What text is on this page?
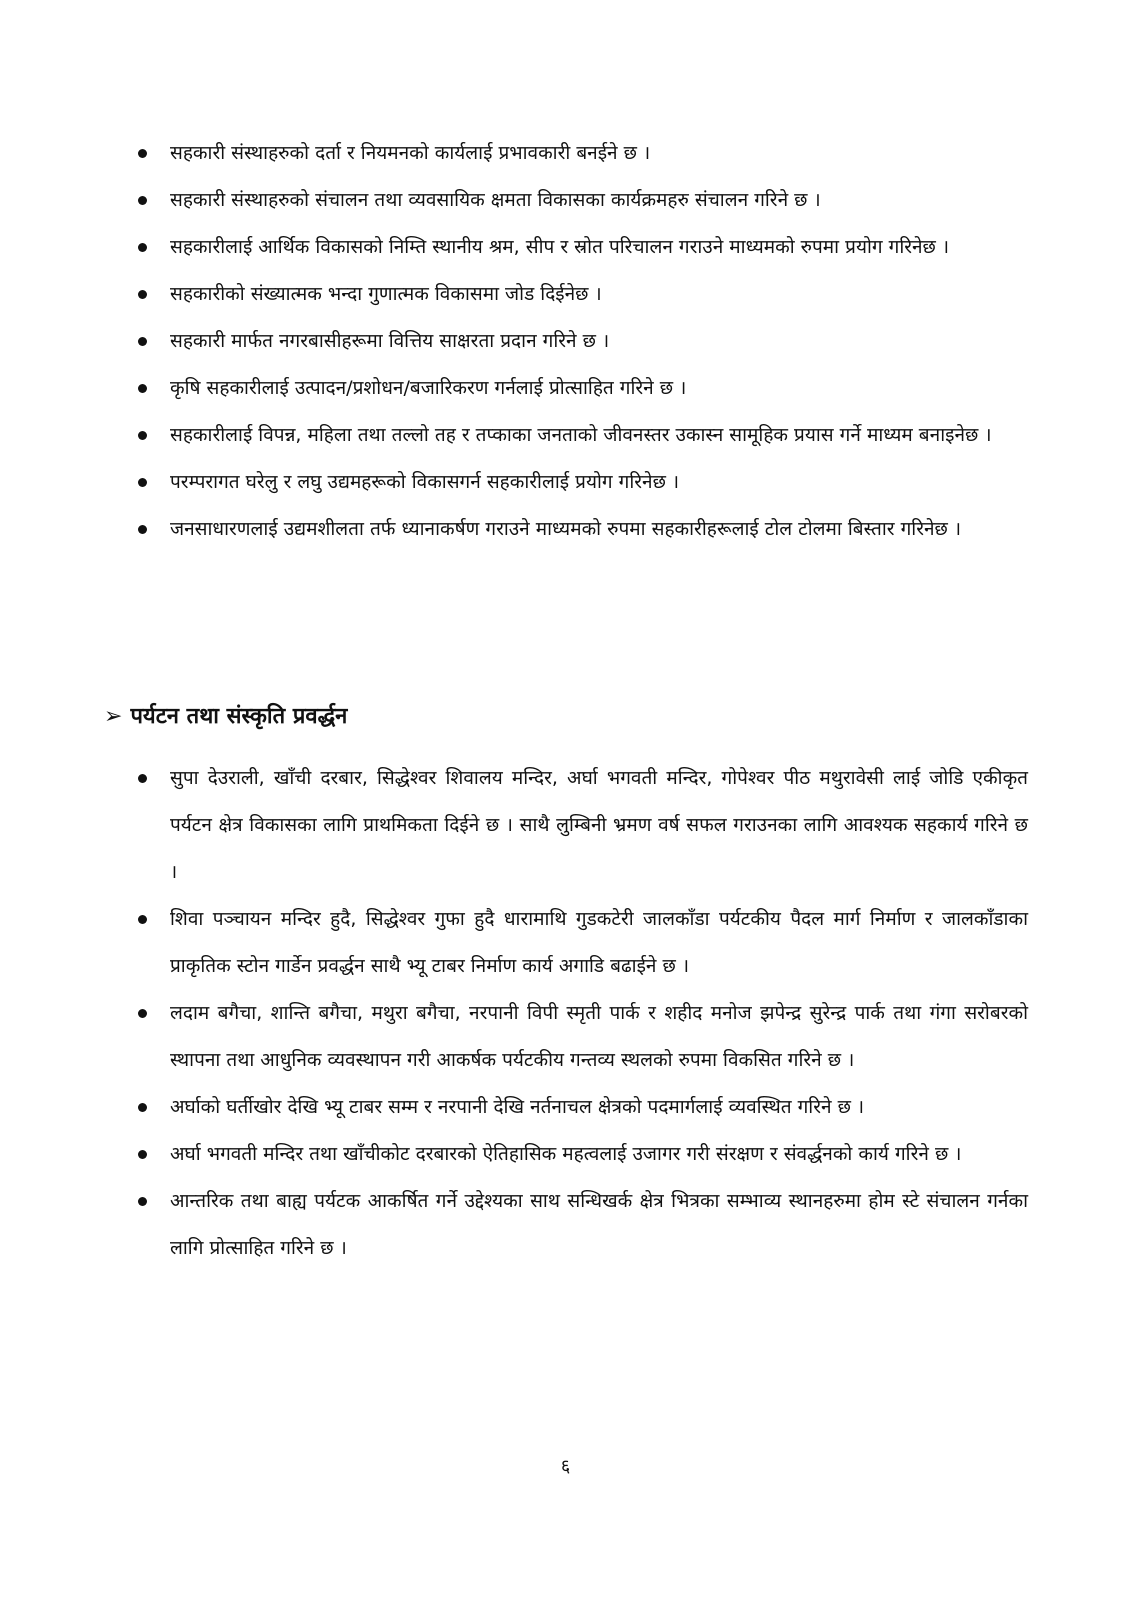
सहकारी संस्थाहरुको दर्ता र नियमनको कार्यलाई प्रभावकारी बनईने छ ।
सहकारी संस्थाहरुको संचालन तथा व्यवसायिक क्षमता विकासका कार्यक्रमहरु संचालन गरिने छ ।
सहकारीलाई आर्थिक विकासको निम्ति स्थानीय श्रम, सीप र स्रोत परिचालन गराउने माध्यमको रुपमा प्रयोग गरिनेछ ।
सहकारीको संख्यात्मक भन्दा गुणात्मक विकासमा जोड दिईनेछ ।
सहकारी मार्फत नगरबासीहरूमा वित्तिय साक्षरता प्रदान गरिने छ ।
कृषि सहकारीलाई उत्पादन/प्रशोधन/बजारिकरण गर्नलाई प्रोत्साहित गरिने छ ।
सहकारीलाई विपन्न, महिला तथा तल्लो तह र तप्काका जनताको जीवनस्तर उकास्न सामूहिक प्रयास गर्ने माध्यम बनाइनेछ ।
परम्परागत घरेलु र लघु उद्यमहरूको विकासगर्न सहकारीलाई प्रयोग गरिनेछ ।
जनसाधारणलाई उद्यमशीलता तर्फ ध्यानाकर्षण गराउने माध्यमको रुपमा सहकारीहरूलाई टोल टोलमा बिस्तार गरिनेछ ।
➢ पर्यटन तथा संस्कृति प्रवर्द्धन
सुपा देउराली, खाँची दरबार, सिद्धेश्वर शिवालय मन्दिर, अर्घा भगवती मन्दिर, गोपेश्वर पीठ मथुरावेसी लाई जोडि एकीकृत पर्यटन क्षेत्र विकासका लागि प्राथमिकता दिईने छ । साथै लुम्बिनी भ्रमण वर्ष सफल गराउनका लागि आवश्यक सहकार्य गरिने छ ।
शिवा पञ्चायन मन्दिर हुदै, सिद्धेश्वर गुफा हुदै धारामाथि गुडकटेरी जालकाँडा पर्यटकीय पैदल मार्ग निर्माण र जालकाँडाका प्राकृतिक स्टोन गार्डेन प्रवर्द्धन साथै भ्यू टाबर निर्माण कार्य अगाडि बढाईने छ ।
लदाम बगैचा, शान्ति बगैचा, मथुरा बगैचा, नरपानी विपी स्मृती पार्क र शहीद मनोज झपेन्द्र सुरेन्द्र पार्क तथा गंगा सरोबरको स्थापना तथा आधुनिक व्यवस्थापन गरी आकर्षक पर्यटकीय गन्तव्य स्थलको रुपमा विकसित गरिने छ ।
अर्घाको घर्तीखोर देखि भ्यू टाबर सम्म र नरपानी देखि नर्तनाचल क्षेत्रको पदमार्गलाई व्यवस्थित गरिने छ ।
अर्घा भगवती मन्दिर तथा खाँचीकोट दरबारको ऐतिहासिक महत्वलाई उजागर गरी संरक्षण र संवर्द्धनको कार्य गरिने छ ।
आन्तरिक तथा बाह्य पर्यटक आकर्षित गर्ने उद्देश्यका साथ सन्धिखर्क क्षेत्र भित्रका सम्भाव्य स्थानहरुमा होम स्टे संचालन गर्नका लागि प्रोत्साहित गरिने छ ।
६
